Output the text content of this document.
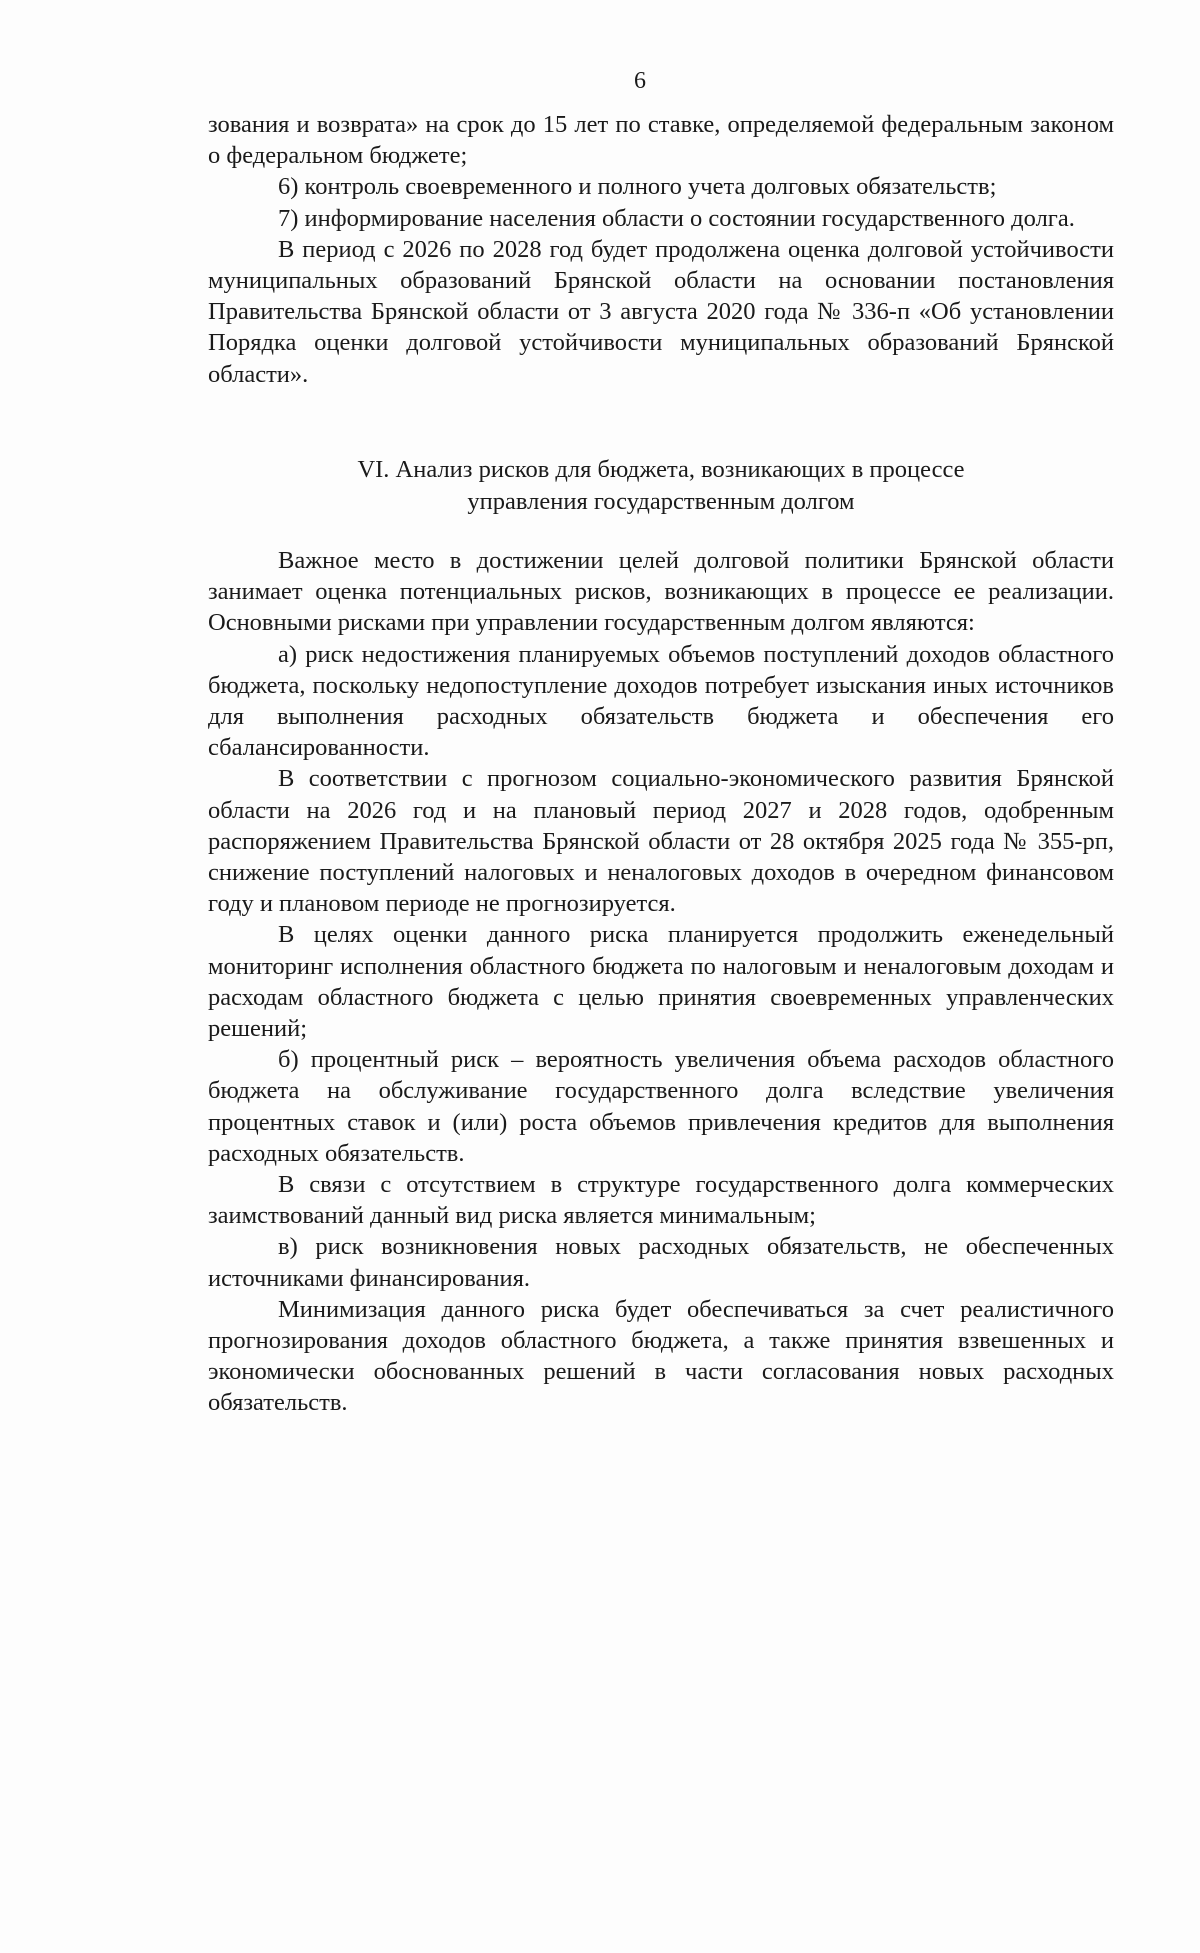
6

зования и возврата» на срок до 15 лет по ставке, определяемой федеральным законом о федеральном бюджете;

6) контроль своевременного и полного учета долговых обязательств;

7) информирование населения области о состоянии государственного долга.

В период с 2026 по 2028 год будет продолжена оценка долговой устойчивости муниципальных образований Брянской области на основании постановления Правительства Брянской области от 3 августа 2020 года № 336-п «Об установлении Порядка оценки долговой устойчивости муниципальных образований Брянской области».

VI. Анализ рисков для бюджета, возникающих в процессе
управления государственным долгом

Важное место в достижении целей долговой политики Брянской области занимает оценка потенциальных рисков, возникающих в процессе ее реализации. Основными рисками при управлении государственным долгом являются:

а) риск недостижения планируемых объемов поступлений доходов областного бюджета, поскольку недопоступление доходов потребует изыскания иных источников для выполнения расходных обязательств бюджета и обеспечения его сбалансированности.

В соответствии с прогнозом социально-экономического развития Брянской области на 2026 год и на плановый период 2027 и 2028 годов, одобренным распоряжением Правительства Брянской области от 28 октября 2025 года № 355-рп, снижение поступлений налоговых и неналоговых доходов в очередном финансовом году и плановом периоде не прогнозируется.

В целях оценки данного риска планируется продолжить еженедельный мониторинг исполнения областного бюджета по налоговым и неналоговым доходам и расходам областного бюджета с целью принятия своевременных управленческих решений;

б) процентный риск – вероятность увеличения объема расходов областного бюджета на обслуживание государственного долга вследствие увеличения процентных ставок и (или) роста объемов привлечения кредитов для выполнения расходных обязательств.

В связи с отсутствием в структуре государственного долга коммерческих заимствований данный вид риска является минимальным;

в) риск возникновения новых расходных обязательств, не обеспеченных источниками финансирования.

Минимизация данного риска будет обеспечиваться за счет реалистичного прогнозирования доходов областного бюджета, а также принятия взвешенных и экономически обоснованных решений в части согласования новых расходных обязательств.
